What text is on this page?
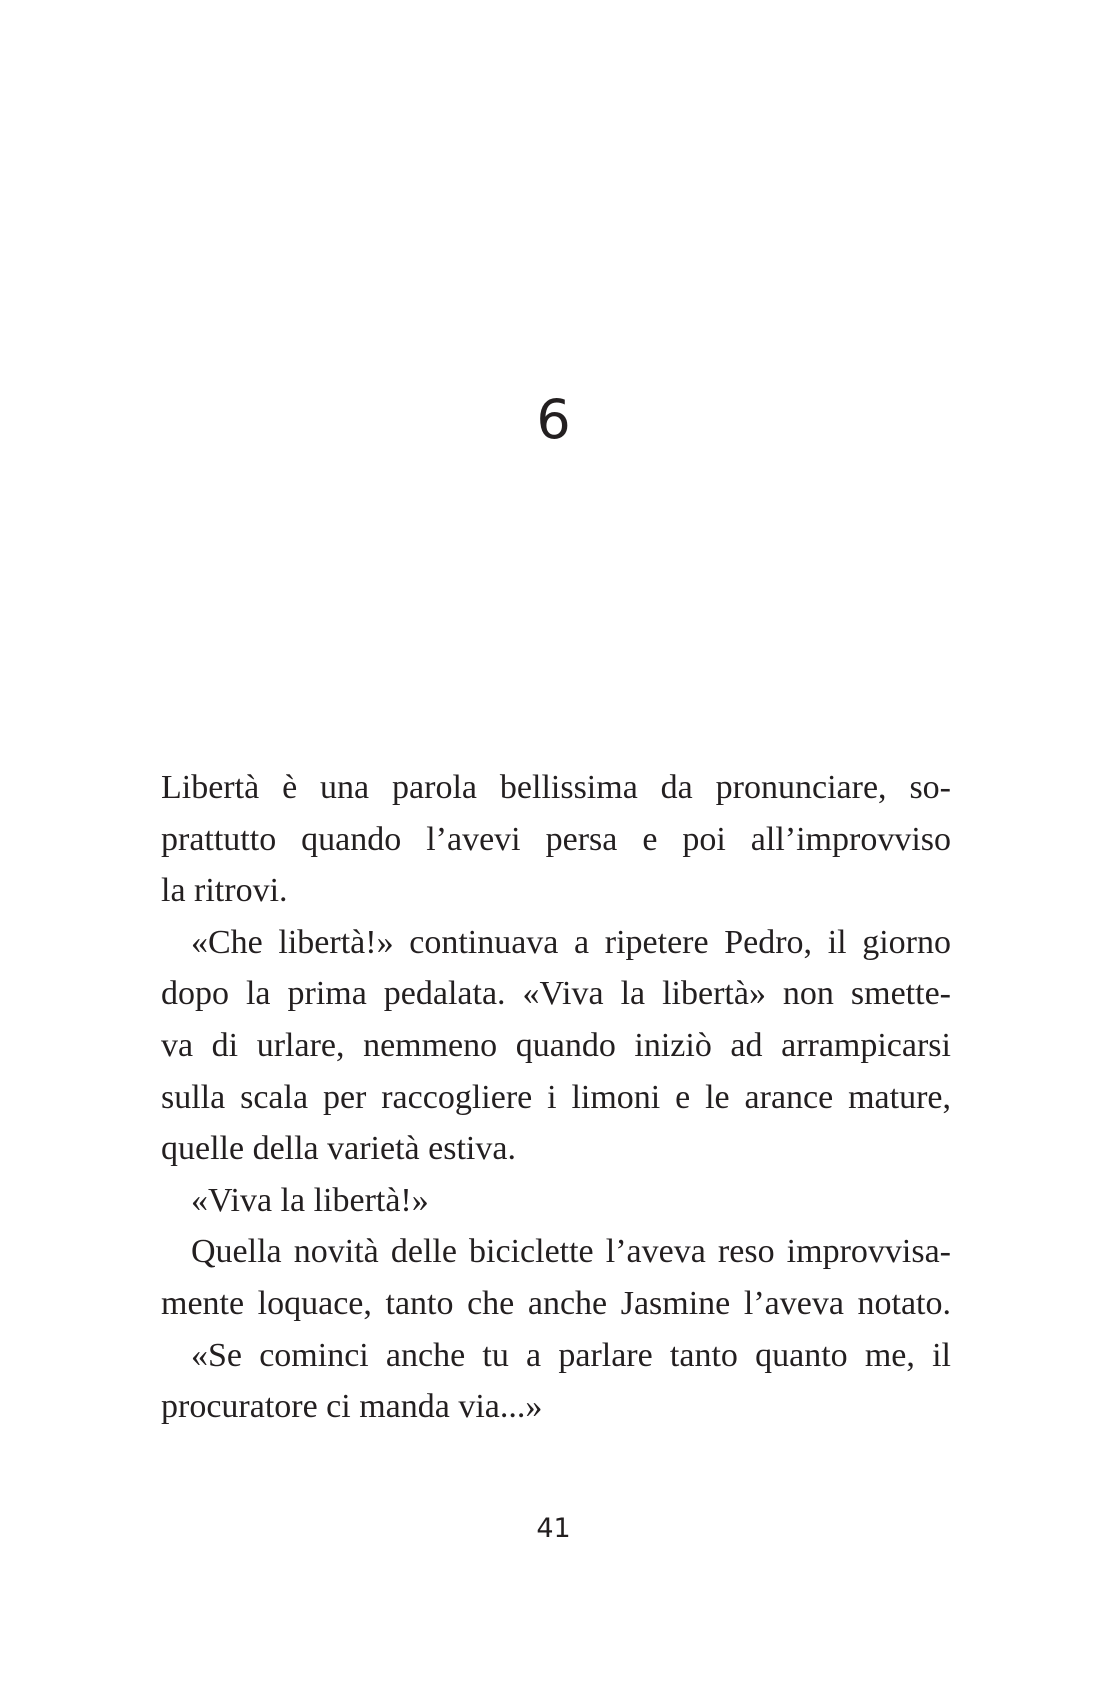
6
Libertà è una parola bellissima da pronunciare, so-
prattutto quando l’avevi persa e poi all’improvviso
la ritrovi.
«Che libertà!» continuava a ripetere Pedro, il giorno
dopo la prima pedalata. «Viva la libertà» non smette-
va di urlare, nemmeno quando iniziò ad arrampicarsi
sulla scala per raccogliere i limoni e le arance mature,
quelle della varietà estiva.
«Viva la libertà!»
Quella novità delle biciclette l’aveva reso improvvisa-
mente loquace, tanto che anche Jasmine l’aveva notato.
«Se cominci anche tu a parlare tanto quanto me, il
procuratore ci manda via...»
41
